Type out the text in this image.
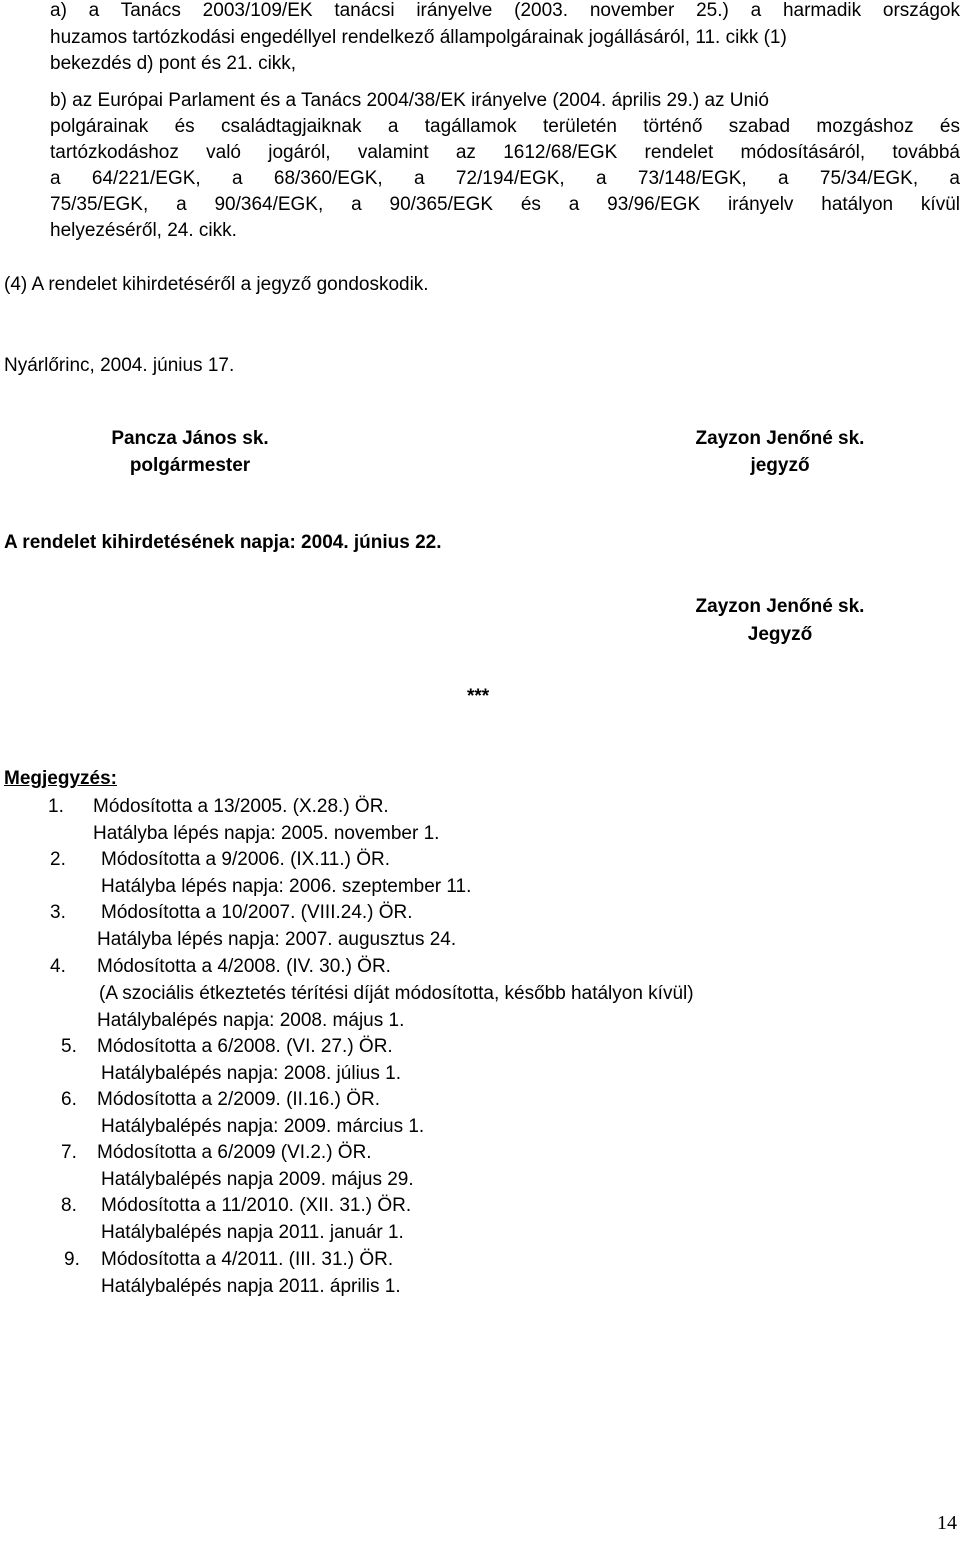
a) a Tanács 2003/109/EK tanácsi irányelve (2003. november 25.) a harmadik országok
huzamos tartózkodási engedéllyel rendelkező állampolgárainak jogállásáról, 11. cikk (1)
bekezdés d) pont és 21. cikk,
b) az Európai Parlament és a Tanács 2004/38/EK irányelve (2004. április 29.) az Unió
polgárainak és családtagjaiknak a tagállamok területén történő szabad mozgáshoz és
tartózkodáshoz való jogáról, valamint az 1612/68/EGK rendelet módosításáról, továbbá
a 64/221/EGK, a 68/360/EGK, a 72/194/EGK, a 73/148/EGK, a 75/34/EGK, a
75/35/EGK, a 90/364/EGK, a 90/365/EGK és a 93/96/EGK irányelv hatályon kívül
helyezéséről, 24. cikk.
(4) A rendelet kihirdetéséről a jegyző gondoskodik.
Nyárlőrinc, 2004. június 17.
Pancza János sk.
polgármester
Zayzon Jenőné sk.
jegyző
A rendelet kihirdetésének napja: 2004. június 22.
Zayzon Jenőné sk.
Jegyző
***
Megjegyzés:
1.	Módosította a 13/2005. (X.28.) ÖR.
Hatályba lépés napja: 2005. november 1.
2.	Módosította a 9/2006. (IX.11.) ÖR.
Hatályba lépés napja: 2006. szeptember 11.
3.	Módosította a 10/2007. (VIII.24.) ÖR.
Hatályba lépés napja: 2007. augusztus 24.
4.	Módosította a 4/2008. (IV. 30.) ÖR.
(A szociális étkeztetés térítési díját módosította, később hatályon kívül)
Hatálybalépés napja: 2008. május 1.
5.	Módosította a 6/2008. (VI. 27.) ÖR.
Hatálybalépés napja: 2008. július 1.
6.	Módosította a 2/2009. (II.16.) ÖR.
Hatálybalépés napja: 2009. március 1.
7.	Módosította a 6/2009 (VI.2.) ÖR.
Hatálybalépés napja 2009. május 29.
8.	Módosította a 11/2010. (XII. 31.) ÖR.
Hatálybalépés napja 2011. január 1.
9.	Módosította a 4/2011. (III. 31.) ÖR.
Hatálybalépés napja 2011. április 1.
14
